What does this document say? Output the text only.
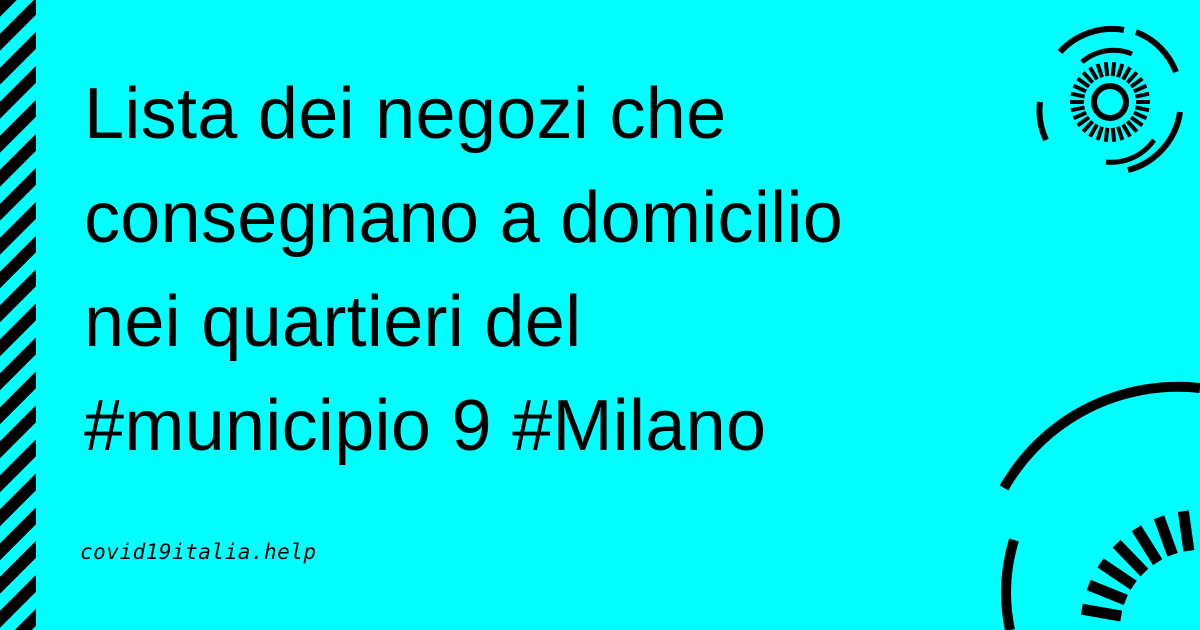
Lista dei negozi che
consegnano a domicilio
nei quartieri del
#municipio 9 #Milano
covid19italia.help
